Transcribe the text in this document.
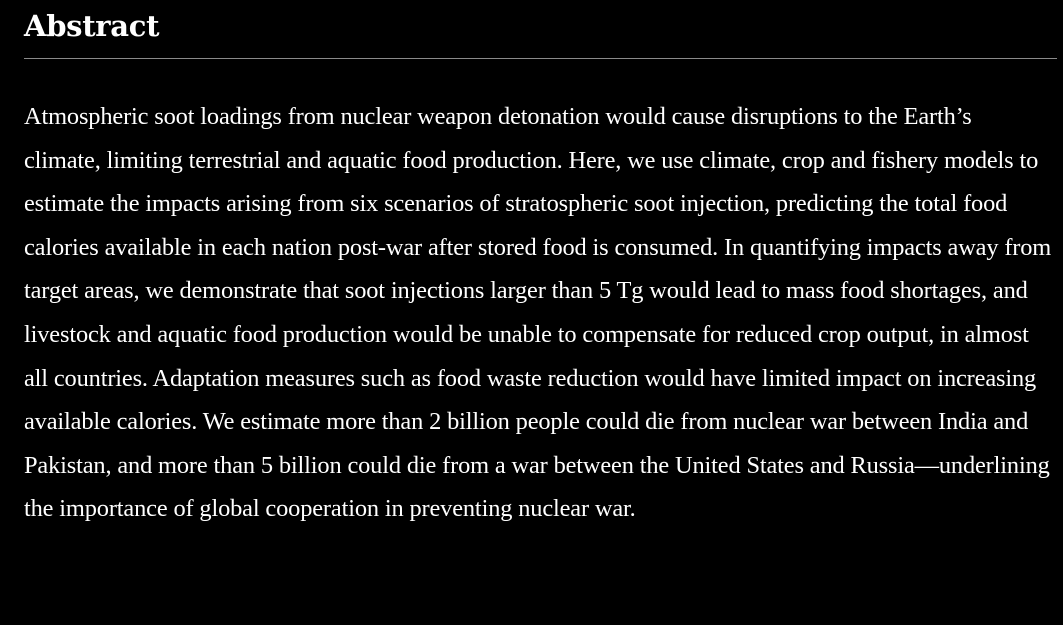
Abstract

Atmospheric soot loadings from nuclear weapon detonation would cause disruptions to the Earth’s climate, limiting terrestrial and aquatic food production. Here, we use climate, crop and fishery models to estimate the impacts arising from six scenarios of stratospheric soot injection, predicting the total food calories available in each nation post-war after stored food is consumed. In quantifying impacts away from target areas, we demonstrate that soot injections larger than 5 Tg would lead to mass food shortages, and livestock and aquatic food production would be unable to compensate for reduced crop output, in almost all countries. Adaptation measures such as food waste reduction would have limited impact on increasing available calories. We estimate more than 2 billion people could die from nuclear war between India and Pakistan, and more than 5 billion could die from a war between the United States and Russia—underlining the importance of global cooperation in preventing nuclear war.
